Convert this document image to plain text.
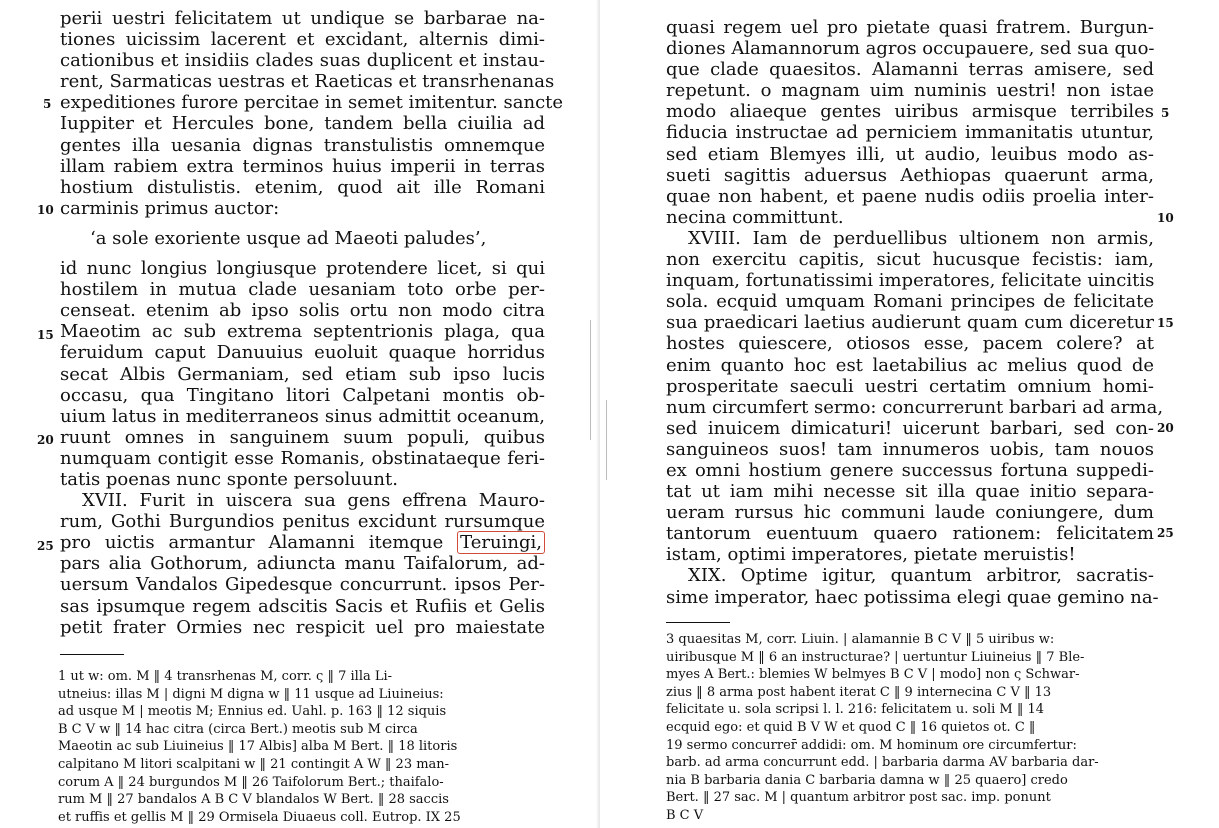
perii uestri felicitatem ut undique se barbarae na-
tiones uicissim lacerent et excidant, alternis dimi-
cationibus et insidiis clades suas duplicent et instau-
rent, Sarmaticas uestras et Raeticas et transrhenanas
expeditiones furore percitae in semet imitentur. sancte
Iuppiter et Hercules bone, tandem bella ciuilia ad
gentes illa uesania dignas transtulistis omnemque
illam rabiem extra terminos huius imperii in terras
hostium distulistis. etenim, quod ait ille Romani
carminis primus auctor:
‘a sole exoriente usque ad Maeoti paludes’,
id nunc longius longiusque protendere licet, si qui
hostilem in mutua clade uesaniam toto orbe per-
censeat. etenim ab ipso solis ortu non modo citra
Maeotim ac sub extrema septentrionis plaga, qua
feruidum caput Danuuius euoluit quaque horridus
secat Albis Germaniam, sed etiam sub ipso lucis
occasu, qua Tingitano litori Calpetani montis ob-
uium latus in mediterraneos sinus admittit oceanum,
ruunt omnes in sanguinem suum populi, quibus
numquam contigit esse Romanis, obstinataeque feri-
tatis poenas nunc sponte persoluunt.
XVII. Furit in uiscera sua gens effrena Mauro-
rum, Gothi Burgundios penitus excidunt rursumque
pro uictis armantur Alamanni itemque Teruingi,
pars alia Gothorum, adiuncta manu Taifalorum, ad-
uersum Vandalos Gipedesque concurrunt. ipsos Per-
sas ipsumque regem adscitis Sacis et Rufiis et Gelis
petit frater Ormies nec respicit uel pro maiestate
5
10
15
20
25
1 ut w: om. M ‖ 4 transrhenas M, corr. ς ‖ 7 illa Li-
utneius: illas M | digni M digna w ‖ 11 usque ad Liuineius:
ad usque M | meotis M; Ennius ed. Uahl. p. 163 ‖ 12 siquis
B C V w ‖ 14 hac citra (circa Bert.) meotis sub M circa
Maeotin ac sub Liuineius ‖ 17 Albis] alba M Bert. ‖ 18 litoris
calpitano M litori scalpitani w ‖ 21 contingit A W ‖ 23 man-
corum A ‖ 24 burgundos M ‖ 26 Taifolorum Bert.; thaifalo-
rum M ‖ 27 bandalos A B C V blandalos W Bert. ‖ 28 saccis
et ruffis et gellis M ‖ 29 Ormisela Diuaeus coll. Eutrop. IX 25
quasi regem uel pro pietate quasi fratrem. Burgun-
diones Alamannorum agros occupauere, sed sua quo-
que clade quaesitos. Alamanni terras amisere, sed
repetunt. o magnam uim numinis uestri! non istae
modo aliaeque gentes uiribus armisque terribiles
fiducia instructae ad perniciem immanitatis utuntur,
sed etiam Blemyes illi, ut audio, leuibus modo as-
sueti sagittis aduersus Aethiopas quaerunt arma,
quae non habent, et paene nudis odiis proelia inter-
necina committunt.
XVIII. Iam de perduellibus ultionem non armis,
non exercitu capitis, sicut hucusque fecistis: iam,
inquam, fortunatissimi imperatores, felicitate uincitis
sola. ecquid umquam Romani principes de felicitate
sua praedicari laetius audierunt quam cum diceretur
hostes quiescere, otiosos esse, pacem colere? at
enim quanto hoc est laetabilius ac melius quod de
prosperitate saeculi uestri certatim omnium homi-
num circumfert sermo: concurrerunt barbari ad arma,
sed inuicem dimicaturi! uicerunt barbari, sed con-
sanguineos suos! tam innumeros uobis, tam nouos
ex omni hostium genere successus fortuna suppedi-
tat ut iam mihi necesse sit illa quae initio separa-
ueram rursus hic communi laude coniungere, dum
tantorum euentuum quaero rationem: felicitatem
istam, optimi imperatores, pietate meruistis!
XIX. Optime igitur, quantum arbitror, sacratis-
sime imperator, haec potissima elegi quae gemino na-
5
10
15
20
25
3 quaesitas M, corr. Liuin. | alamannie B C V ‖ 5 uiribus w:
uiribusque M ‖ 6 an instructurae? | uertuntur Liuineius ‖ 7 Ble-
myes A Bert.: blemies W belmyes B C V | modo] non ς Schwar-
zius ‖ 8 arma post habent iterat C ‖ 9 internecina C V ‖ 13
felicitate u. sola scripsi l. l. 216: felicitatem u. soli M ‖ 14
ecquid ego: et quid B V W et quod C ‖ 16 quietos ot. C ‖
19 sermo concurrer̄ addidi: om. M hominum ore circumfertur:
barb. ad arma concurrunt edd. | barbaria darma AV barbaria dar-
nia B barbaria dania C barbaria damna w ‖ 25 quaero] credo
Bert. ‖ 27 sac. M | quantum arbitror post sac. imp. ponunt
B C V
